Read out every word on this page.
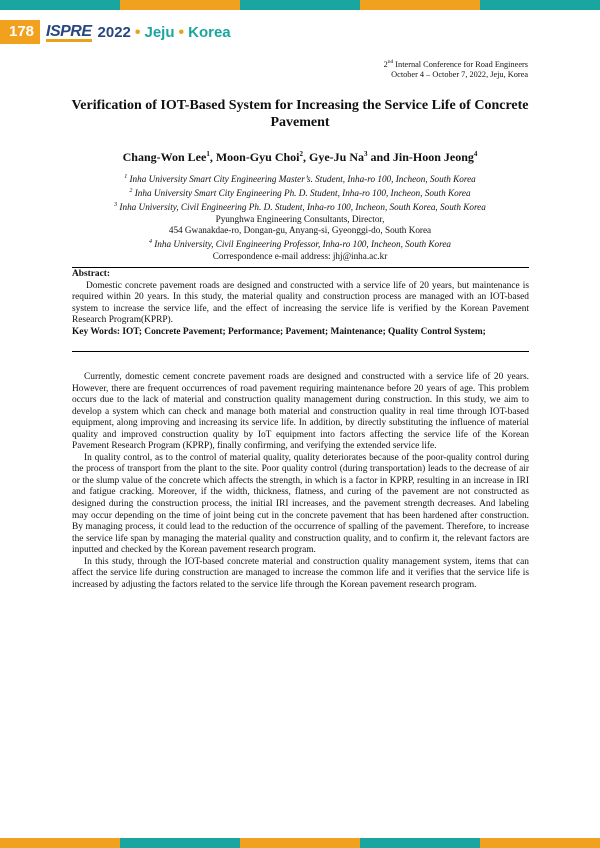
178 ISPRE 2022 • Jeju • Korea
2nd Internal Conference for Road Engineers
October 4 – October 7, 2022, Jeju, Korea
Verification of IOT-Based System for Increasing the Service Life of Concrete Pavement
Chang-Won Lee$^1$, Moon-Gyu Choi$^2$, Gye-Ju Na$^3$ and Jin-Hoon Jeong$^4$
$^1$ Inha University Smart City Engineering Master’s. Student, Inha-ro 100, Incheon, South Korea
$^2$ Inha University Smart City Engineering Ph. D. Student, Inha-ro 100, Incheon, South Korea
$^3$ Inha University, Civil Engineering Ph. D. Student, Inha-ro 100, Incheon, South Korea, South Korea
Pyunghwa Engineering Consultants, Director,
454 Gwanakdae-ro, Dongan-gu, Anyang-si, Gyeonggi-do, South Korea
$^4$ Inha University, Civil Engineering Professor, Inha-ro 100, Incheon, South Korea
Correspondence e-mail address: jhj@inha.ac.kr
Abstract:
Domestic concrete pavement roads are designed and constructed with a service life of 20 years, but maintenance is required within 20 years. In this study, the material quality and construction process are managed with an IOT-based system to increase the service life, and the effect of increasing the service life is verified by the Korean Pavement Research Program(KPRP).
Key Words: IOT; Concrete Pavement; Performance; Pavement; Maintenance; Quality Control System;

Currently, domestic cement concrete pavement roads are designed and constructed with a service life of 20 years. However, there are frequent occurrences of road pavement requiring maintenance before 20 years of age. This problem occurs due to the lack of material and construction quality management during construction. In this study, we aim to develop a system which can check and manage both material and construction quality in real time through IOT-based equipment, along improving and increasing its service life. In addition, by directly substituting the influence of material quality and improved construction quality by IoT equipment into factors affecting the service life of the Korean Pavement Research Program (KPRP), finally confirming, and verifying the extended service life.

In quality control, as to the control of material quality, quality deteriorates because of the poor-quality control during the process of transport from the plant to the site. Poor quality control (during transportation) leads to the decrease of air or the slump value of the concrete which affects the strength, in which is a factor in KPRP, resulting in an increase in IRI and fatigue cracking. Moreover, if the width, thickness, flatness, and curing of the pavement are not constructed as designed during the construction process, the initial IRI increases, and the pavement strength decreases. And labeling may occur depending on the time of joint being cut in the concrete pavement that has been hardened after construction. By managing process, it could lead to the reduction of the occurrence of spalling of the pavement. Therefore, to increase the service life span by managing the material quality and construction quality, and to confirm it, the relevant factors are inputted and checked by the Korean pavement research program.

In this study, through the IOT-based concrete material and construction quality management system, items that can affect the service life during construction are managed to increase the common life and it verifies that the service life is increased by adjusting the factors related to the service life through the Korean pavement research program.
